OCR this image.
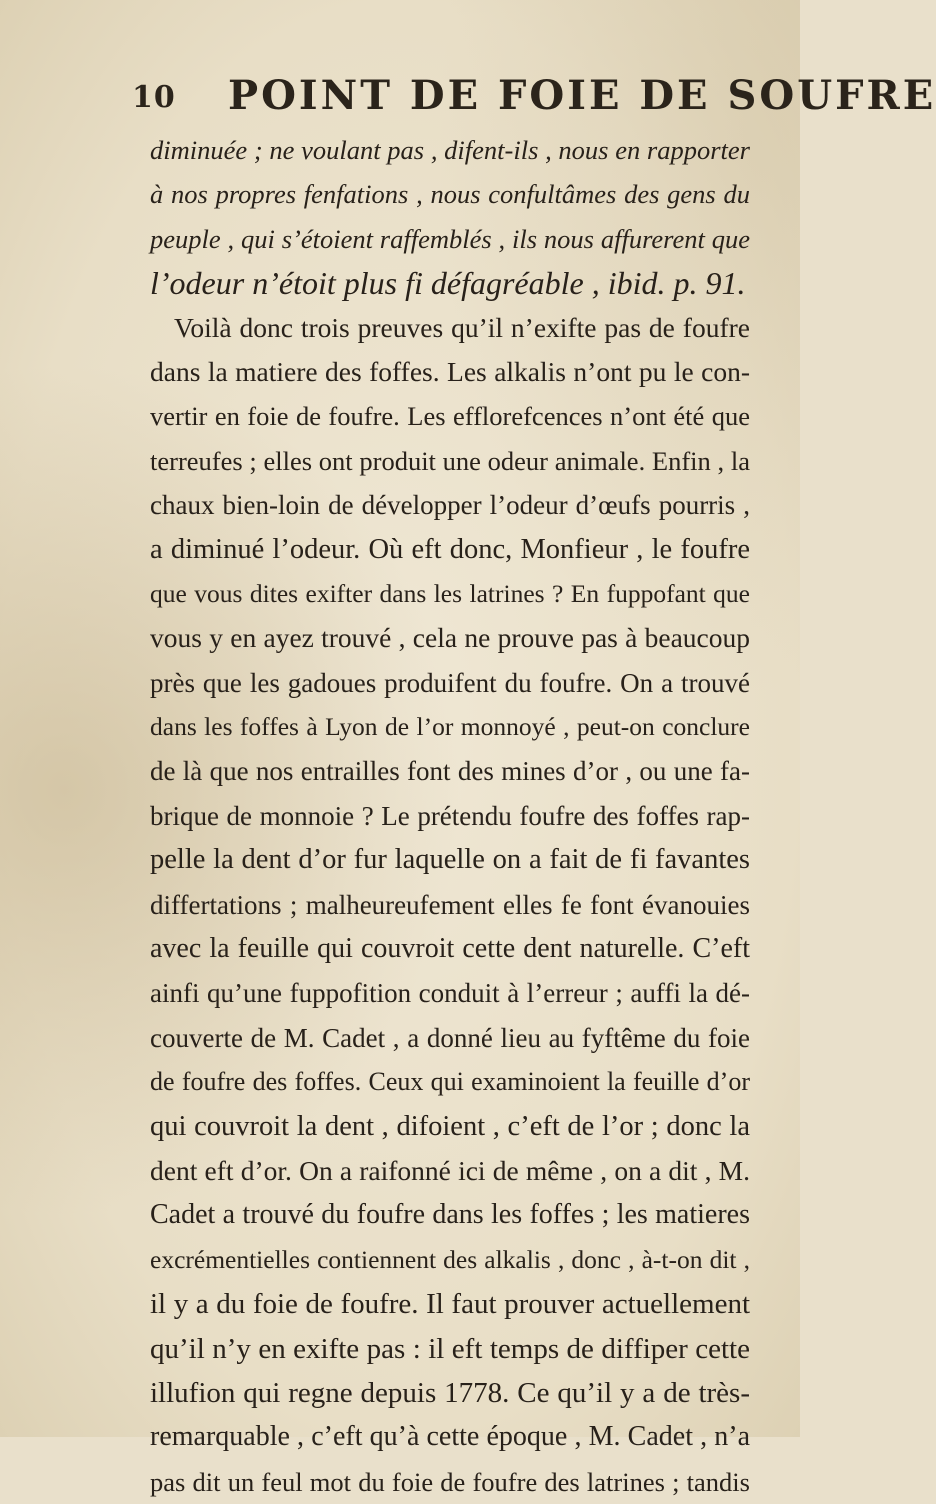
10 POINT DE FOIE DE SOUFRE
diminuée ; ne voulant pas , difent-ils , nous en rapporter
à nos propres fenfations , nous confultâmes des gens du
peuple , qui s’étoient raffemblés , ils nous affurerent que
l’odeur n’étoit plus fi défagréable , ibid. p. 91.
Voilà donc trois preuves qu’il n’exifte pas de foufre
dans la matiere des foffes. Les alkalis n’ont pu le con-
vertir en foie de foufre. Les efflorefcences n’ont été que
terreufes ; elles ont produit une odeur animale. Enfin , la
chaux bien-loin de développer l’odeur d’œufs pourris ,
a diminué l’odeur. Où eft donc, Monfieur , le foufre
que vous dites exifter dans les latrines ? En fuppofant que
vous y en ayez trouvé , cela ne prouve pas à beaucoup
près que les gadoues produifent du foufre. On a trouvé
dans les foffes à Lyon de l’or monnoyé , peut-on conclure
de là que nos entrailles font des mines d’or , ou une fa-
brique de monnoie ? Le prétendu foufre des foffes rap-
pelle la dent d’or fur laquelle on a fait de fi favantes
differtations ; malheureufement elles fe font évanouies
avec la feuille qui couvroit cette dent naturelle. C’eft
ainfi qu’une fuppofition conduit à l’erreur ; auffi la dé-
couverte de M. Cadet , a donné lieu au fyftême du foie
de foufre des foffes. Ceux qui examinoient la feuille d’or
qui couvroit la dent , difoient , c’eft de l’or ; donc la
dent eft d’or. On a raifonné ici de même , on a dit , M.
Cadet a trouvé du foufre dans les foffes ; les matieres
excrémentielles contiennent des alkalis , donc , à-t-on dit ,
il y a du foie de foufre. Il faut prouver actuellement
qu’il n’y en exifte pas : il eft temps de diffiper cette
illufion qui regne depuis 1778. Ce qu’il y a de très-
remarquable , c’eft qu’à cette époque , M. Cadet , n’a
pas dit un feul mot du foie de foufre des latrines ; tandis
